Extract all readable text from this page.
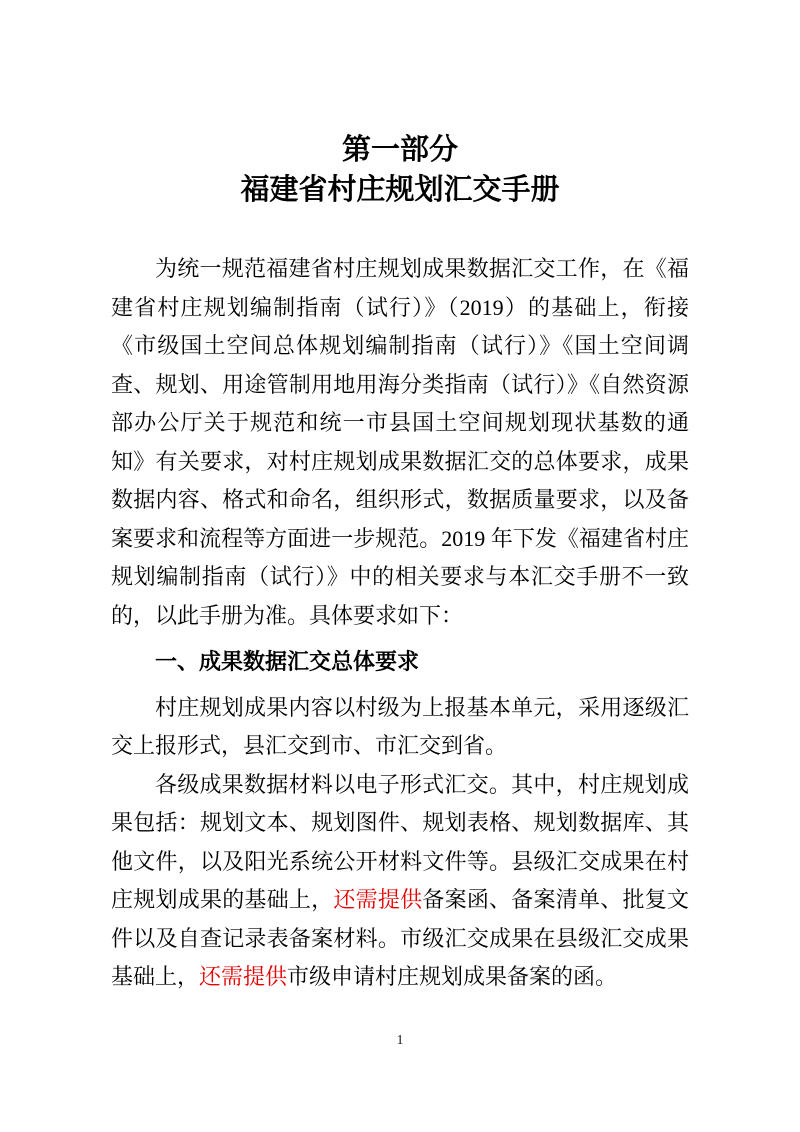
第一部分
福建省村庄规划汇交手册

为统一规范福建省村庄规划成果数据汇交工作，在《福建省村庄规划编制指南（试行）》（2019）的基础上，衔接《市级国土空间总体规划编制指南（试行）》《国土空间调查、规划、用途管制用地用海分类指南（试行）》《自然资源部办公厅关于规范和统一市县国土空间规划现状基数的通知》有关要求，对村庄规划成果数据汇交的总体要求，成果数据内容、格式和命名，组织形式，数据质量要求，以及备案要求和流程等方面进一步规范。2019 年下发《福建省村庄规划编制指南（试行）》中的相关要求与本汇交手册不一致的，以此手册为准。具体要求如下：

一、成果数据汇交总体要求

村庄规划成果内容以村级为上报基本单元，采用逐级汇交上报形式，县汇交到市、市汇交到省。

各级成果数据材料以电子形式汇交。其中，村庄规划成果包括：规划文本、规划图件、规划表格、规划数据库、其他文件，以及阳光系统公开材料文件等。县级汇交成果在村庄规划成果的基础上，还需提供备案函、备案清单、批复文件以及自查记录表备案材料。市级汇交成果在县级汇交成果基础上，还需提供市级申请村庄规划成果备案的函。

1
